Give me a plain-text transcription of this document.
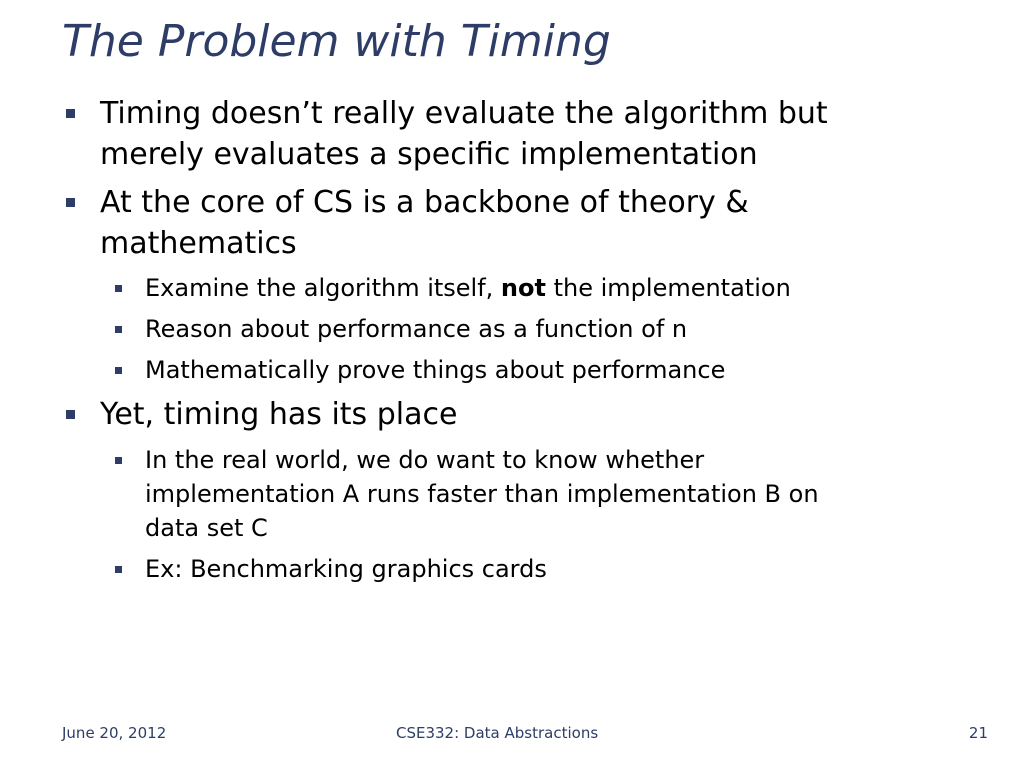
The Problem with Timing
Timing doesn’t really evaluate the algorithm but
merely evaluates a specific implementation
At the core of CS is a backbone of theory &
mathematics
Examine the algorithm itself, not the implementation
Reason about performance as a function of n
Mathematically prove things about performance
Yet, timing has its place
In the real world, we do want to know whether
implementation A runs faster than implementation B on
data set C
Ex: Benchmarking graphics cards
June 20, 2012	CSE332: Data Abstractions	21
